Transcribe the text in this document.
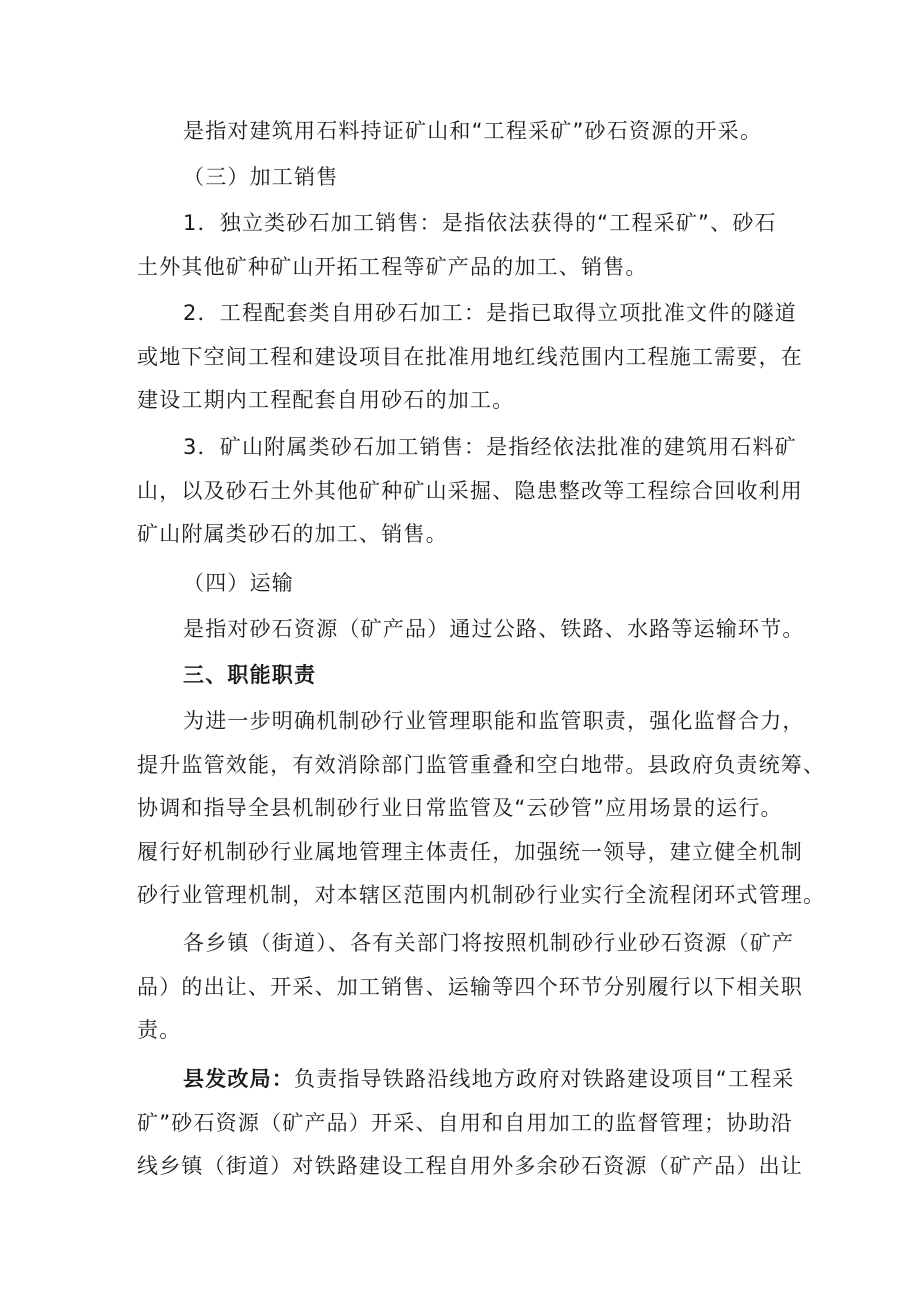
是指对建筑用石料持证矿山和“工程采矿”砂石资源的开采。

（三）加工销售

1．独立类砂石加工销售：是指依法获得的“工程采矿”、砂石
土外其他矿种矿山开拓工程等矿产品的加工、销售。

2．工程配套类自用砂石加工：是指已取得立项批准文件的隧道
或地下空间工程和建设项目在批准用地红线范围内工程施工需要，在
建设工期内工程配套自用砂石的加工。

3．矿山附属类砂石加工销售：是指经依法批准的建筑用石料矿
山，以及砂石土外其他矿种矿山采掘、隐患整改等工程综合回收利用
矿山附属类砂石的加工、销售。

（四）运输

是指对砂石资源（矿产品）通过公路、铁路、水路等运输环节。

三、职能职责

为进一步明确机制砂行业管理职能和监管职责，强化监督合力，
提升监管效能，有效消除部门监管重叠和空白地带。县政府负责统筹、
协调和指导全县机制砂行业日常监管及“云砂管”应用场景的运行。
履行好机制砂行业属地管理主体责任，加强统一领导，建立健全机制
砂行业管理机制，对本辖区范围内机制砂行业实行全流程闭环式管理。

各乡镇（街道）、各有关部门将按照机制砂行业砂石资源（矿产
品）的出让、开采、加工销售、运输等四个环节分别履行以下相关职
责。

县发改局：负责指导铁路沿线地方政府对铁路建设项目“工程采
矿”砂石资源（矿产品）开采、自用和自用加工的监督管理；协助沿
线乡镇（街道）对铁路建设工程自用外多余砂石资源（矿产品）出让
